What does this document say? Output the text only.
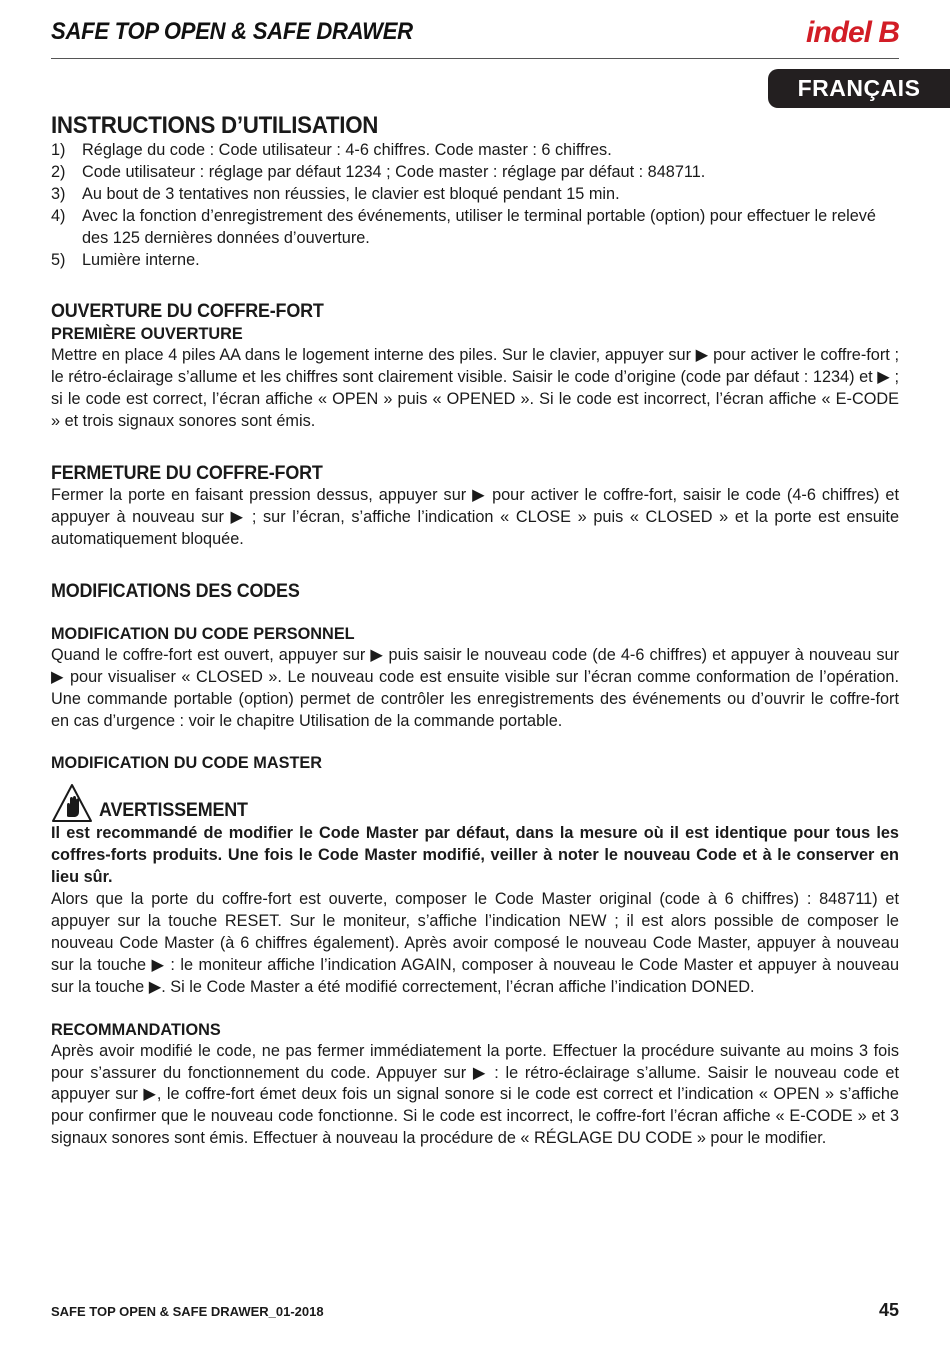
SAFE TOP OPEN & SAFE DRAWER	indel B
FRANÇAIS
INSTRUCTIONS D’UTILISATION
1) Réglage du code : Code utilisateur : 4-6 chiffres. Code master : 6 chiffres.
2) Code utilisateur : réglage par défaut 1234 ; Code master : réglage par défaut : 848711.
3) Au bout de 3 tentatives non réussies, le clavier est bloqué pendant 15 min.
4) Avec la fonction d’enregistrement des événements, utiliser le terminal portable (option) pour effectuer le relevé des 125 dernières données d’ouverture.
5) Lumière interne.
OUVERTURE DU COFFRE-FORT
PREMIÈRE OUVERTURE

Mettre en place 4 piles AA dans le logement interne des piles. Sur le clavier, appuyer sur ▶ pour activer le coffre-fort ; le rétro-éclairage s’allume et les chiffres sont clairement visible. Saisir le code d’origine (code par défaut : 1234) et ▶ ; si le code est correct, l’écran affiche « OPEN » puis « OPENED ». Si le code est incorrect, l’écran affiche « E-CODE » et trois signaux sonores sont émis.

FERMETURE DU COFFRE-FORT

Fermer la porte en faisant pression dessus, appuyer sur ▶ pour activer le coffre-fort, saisir le code (4-6 chiffres) et appuyer à nouveau sur ▶ ; sur l’écran, s’affiche l’indication « CLOSE » puis « CLOSED » et la porte est ensuite automatiquement bloquée.

MODIFICATIONS DES CODES
MODIFICATION DU CODE PERSONNEL

Quand le coffre-fort est ouvert, appuyer sur ▶ puis saisir le nouveau code (de 4-6 chiffres) et appuyer à nouveau sur ▶ pour visualiser « CLOSED ». Le nouveau code est ensuite visible sur l’écran comme conformation de l’opération. Une commande portable (option) permet de contrôler les enregistrements des événements ou d’ouvrir le coffre-fort en cas d’urgence : voir le chapitre Utilisation de la commande portable.

MODIFICATION DU CODE MASTER
AVERTISSEMENT

Il est recommandé de modifier le Code Master par défaut, dans la mesure où il est identique pour tous les coffres-forts produits. Une fois le Code Master modifié, veiller à noter le nouveau Code et à le conserver en lieu sûr.

Alors que la porte du coffre-fort est ouverte, composer le Code Master original (code à 6 chiffres) : 848711) et appuyer sur la touche RESET. Sur le moniteur, s’affiche l’indication NEW ; il est alors possible de composer le nouveau Code Master (à 6 chiffres également). Après avoir composé le nouveau Code Master, appuyer à nouveau sur la touche ▶ : le moniteur affiche l’indication AGAIN, composer à nouveau le Code Master et appuyer à nouveau sur la touche ▶. Si le Code Master a été modifié correctement, l’écran affiche l’indication DONED.

RECOMMANDATIONS

Après avoir modifié le code, ne pas fermer immédiatement la porte. Effectuer la procédure suivante au moins 3 fois pour s’assurer du fonctionnement du code. Appuyer sur ▶ : le rétro-éclairage s’allume. Saisir le nouveau code et appuyer sur ▶, le coffre-fort émet deux fois un signal sonore si le code est correct et l’indication « OPEN » s’affiche pour confirmer que le nouveau code fonctionne. Si le code est incorrect, le coffre-fort l’écran affiche « E-CODE » et 3 signaux sonores sont émis. Effectuer à nouveau la procédure de « RÉGLAGE DU CODE » pour le modifier.

SAFE TOP OPEN & SAFE DRAWER_01-2018	45
